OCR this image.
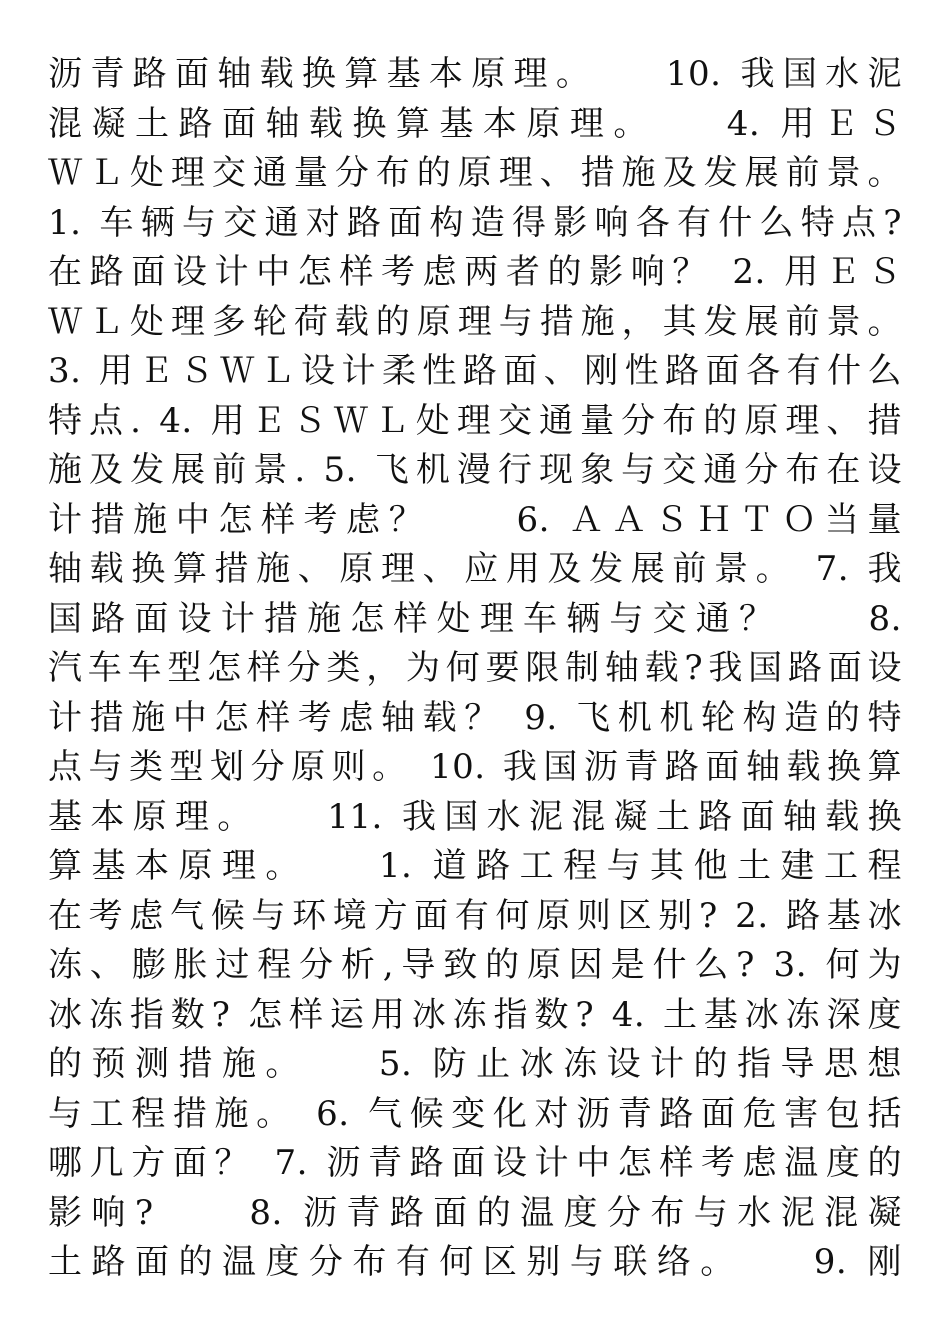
沥青路面轴载换算基本原理。　　10. 我国水泥
混凝土路面轴载换算基本原理。　　4. 用ＥＳ
ＷＬ处理交通量分布的原理、措施及发展前景。
1. 车辆与交通对路面构造得影响各有什么特点?
在路面设计中怎样考虑两者的影响？ 2. 用ＥＳ
ＷＬ处理多轮荷载的原理与措施，其发展前景。
3. 用ＥＳＷＬ设计柔性路面、刚性路面各有什么
特点. 4. 用ＥＳＷＬ处理交通量分布的原理、措
施及发展前景. 5. 飞机漫行现象与交通分布在设
计措施中怎样考虑？　　6. ＡＡＳＨＴＯ当量
轴载换算措施、原理、应用及发展前景。 7. 我
国路面设计措施怎样处理车辆与交通？　　8.
汽车车型怎样分类，为何要限制轴载?我国路面设
计措施中怎样考虑轴载？ 9. 飞机机轮构造的特
点与类型划分原则。 10. 我国沥青路面轴载换算
基本原理。　　11. 我国水泥混凝土路面轴载换
算基本原理。　　1. 道路工程与其他土建工程
在考虑气候与环境方面有何原则区别? 2. 路基冰
冻、膨胀过程分析,导致的原因是什么? 3. 何为
冰冻指数? 怎样运用冰冻指数? 4. 土基冰冻深度
的预测措施。　　5. 防止冰冻设计的指导思想
与工程措施。 6. 气候变化对沥青路面危害包括
哪几方面？ 7. 沥青路面设计中怎样考虑温度的
影响?　　8. 沥青路面的温度分布与水泥混凝
土路面的温度分布有何区别与联络。　　9. 刚
